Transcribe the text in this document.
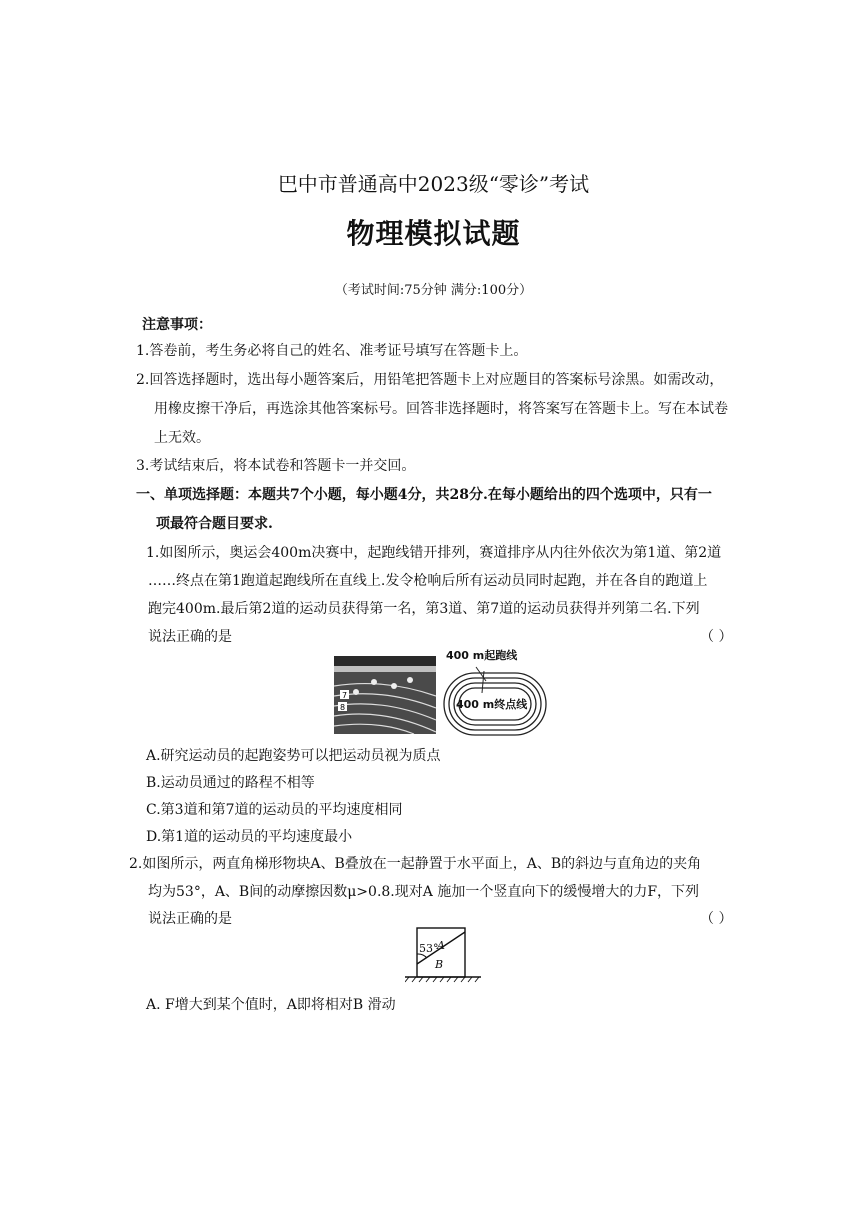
巴中市普通高中2023级“零诊”考试
物理模拟试题
（考试时间:75分钟 满分:100分）
注意事项：
1.答卷前，考生务必将自己的姓名、准考证号填写在答题卡上。
2.回答选择题时，选出每小题答案后，用铅笔把答题卡上对应题目的答案标号涂黑。如需改动，
用橡皮擦干净后，再选涂其他答案标号。回答非选择题时，将答案写在答题卡上。写在本试卷
上无效。
3.考试结束后，将本试卷和答题卡一并交回。
一、单项选择题：本题共7个小题，每小题4分，共28分.在每小题给出的四个选项中，只有一
项最符合题目要求.
1.如图所示，奥运会400m决赛中，起跑线错开排列，赛道排序从内往外依次为第1道、第2道
……终点在第1跑道起跑线所在直线上.发令枪响后所有运动员同时起跑，并在各自的跑道上
跑完400m.最后第2道的运动员获得第一名，第3道、第7道的运动员获得并列第二名.下列
说法正确的是	（ ）
7
8
400 m起跑线
400 m终点线
A.研究运动员的起跑姿势可以把运动员视为质点
B.运动员通过的路程不相等
C.第3道和第7道的运动员的平均速度相同
D.第1道的运动员的平均速度最小
2.如图所示，两直角梯形物块A、B叠放在一起静置于水平面上，A、B的斜边与直角边的夹角
均为53°，A、B间的动摩擦因数μ>0.8.现对A 施加一个竖直向下的缓慢增大的力F，下列
说法正确的是	（ ）
53°
A
B
A. F增大到某个值时，A即将相对B 滑动
